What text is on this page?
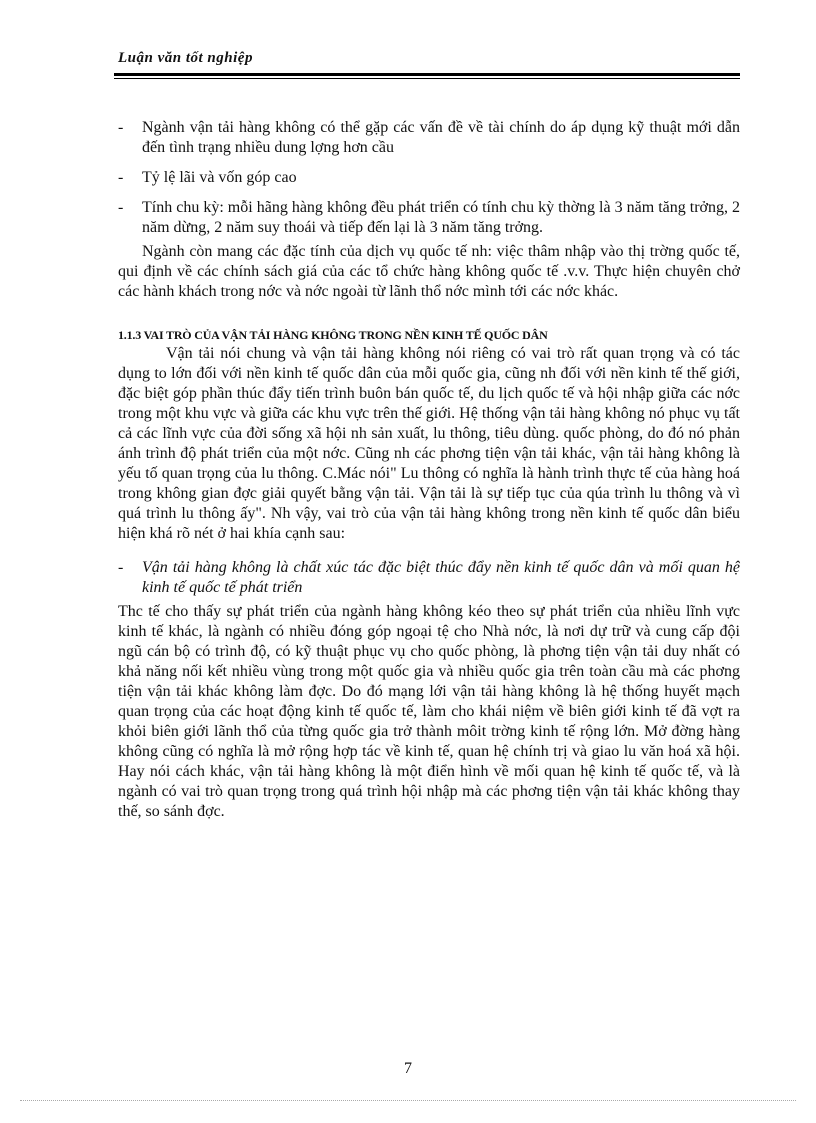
Luận văn tốt nghiệp
- Ngành vận tải hàng không có thể gặp các vấn đề về tài chính do áp dụng kỹ thuật mới dẫn đến tình trạng nhiều dung lợng hơn cầu
- Tỷ lệ lãi và vốn góp cao
- Tính chu kỳ: mỗi hãng hàng không đều phát triển có tính chu kỳ thờng là 3 năm tăng trởng, 2 năm dừng, 2 năm suy thoái và tiếp đến lại là 3 năm tăng trởng.

Ngành còn mang các đặc tính của dịch vụ quốc tế nh: việc thâm nhập vào thị trờng quốc tế, qui định về các chính sách giá của các tổ chức hàng không quốc tế .v.v. Thực hiện chuyên chở các hành khách trong nớc và nớc ngoài từ lãnh thổ nớc mình tới các nớc khác.

1.1.3 VAI TRÒ CỦA VẬN TẢI HÀNG KHÔNG TRONG NỀN KINH TẾ QUỐC DÂN

Vận tải nói chung và vận tải hàng không nói riêng có vai trò rất quan trọng và có tác dụng to lớn đối với nền kinh tế quốc dân của mỗi quốc gia, cũng nh đối với nền kinh tế thế giới, đặc biệt góp phần thúc đẩy tiến trình buôn bán quốc tế, du lịch quốc tế và hội nhập giữa các nớc trong một khu vực và giữa các khu vực trên thế giới. Hệ thống vận tải hàng không nó phục vụ tất cả các lĩnh vực của đời sống xã hội nh sản xuất, lu thông, tiêu dùng. quốc phòng, do đó nó phản ánh trình độ phát triển của một nớc. Cũng nh các phơng tiện vận tải khác, vận tải hàng không là yếu tố quan trọng của lu thông. C.Mác nói" Lu thông có nghĩa là hành trình thực tế của hàng hoá trong không gian đợc giải quyết bằng vận tải. Vận tải là sự tiếp tục của qúa trình lu thông và vì quá trình lu thông ấy". Nh vậy, vai trò của vận tải hàng không trong nền kinh tế quốc dân biểu hiện khá rõ nét ở hai khía cạnh sau:

- Vận tải hàng không là chất xúc tác đặc biệt thúc đẩy nền kinh tế quốc dân và mối quan hệ kinh tế quốc tế phát triển

Thc tế cho thấy sự phát triển của ngành hàng không kéo theo sự phát triển của nhiều lĩnh vực kinh tế khác, là ngành có nhiều đóng góp ngoại tệ cho Nhà nớc, là nơi dự trữ và cung cấp đội ngũ cán bộ có trình độ, có kỹ thuật phục vụ cho quốc phòng, là phơng tiện vận tải duy nhất có khả năng nối kết nhiều vùng trong một quốc gia và nhiều quốc gia trên toàn cầu mà các phơng tiện vận tải khác không làm đợc. Do đó mạng lới vận tải hàng không là hệ thống huyết mạch quan trọng của các hoạt động kinh tế quốc tế, làm cho khái niệm về biên giới kinh tế đã vợt ra khỏi biên giới lãnh thổ của từng quốc gia trở thành môit trờng kinh tế rộng lớn. Mở đờng hàng không cũng có nghĩa là mở rộng hợp tác về kinh tế, quan hệ chính trị và giao lu văn hoá xã hội. Hay nói cách khác, vận tải hàng không là một điển hình về mối quan hệ kinh tế quốc tế, và là ngành có vai trò quan trọng trong quá trình hội nhập mà các phơng tiện vận tải khác không thay thế, so sánh đợc.

7
